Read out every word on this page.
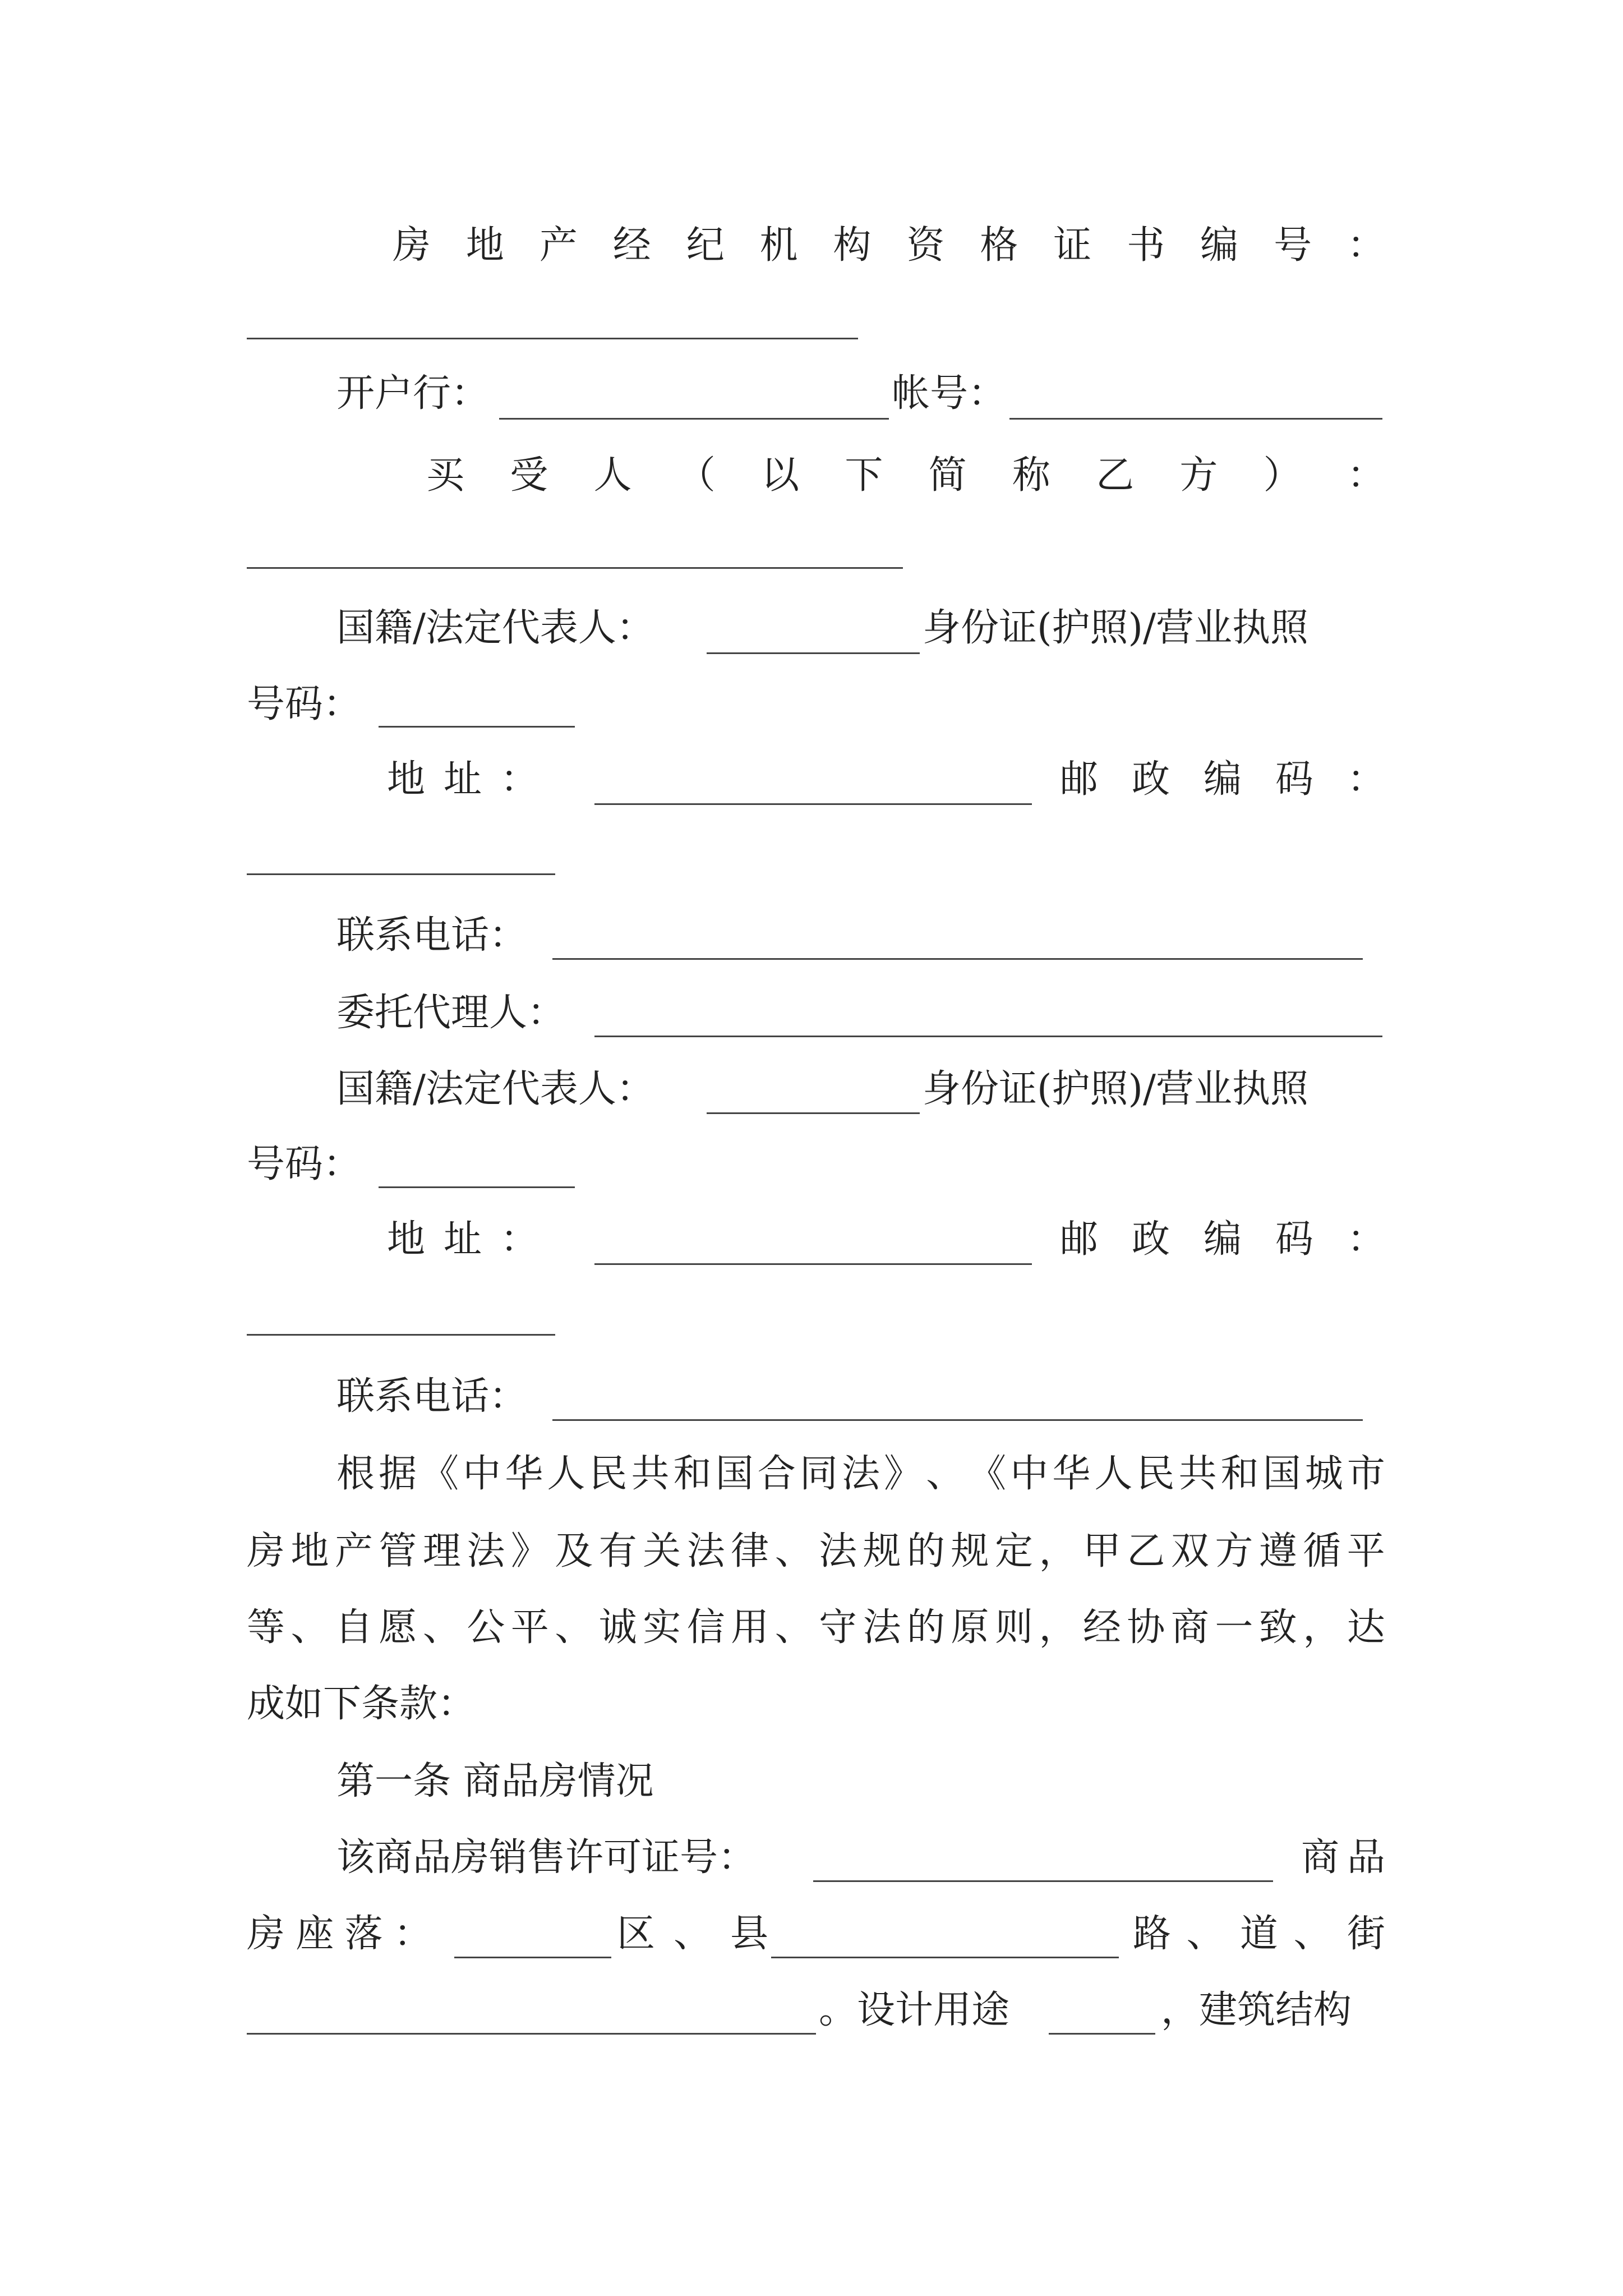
房 地 产 经 纪 机 构 资 格 证 书 编 号 ：
开户行：	帐号：
买 受 人 （ 以 下 简 称 乙 方 ） ：
国籍/法定代表人：	身份证(护照)/营业执照
号码：
地 址 ：	邮 政 编 码 ：
联系电话：
委托代理人：
国籍/法定代表人：	身份证(护照)/营业执照
号码：
地 址 ：	邮 政 编 码 ：
联系电话：
根 据 《 中 华 人 民 共 和 国 合 同 法 》 、 《 中 华 人 民 共 和 国 城 市
房 地 产 管 理 法 》 及 有 关 法 律 、 法 规 的 规 定 ， 甲 乙 双 方 遵 循 平
等 、 自 愿 、 公 平 、 诚 实 信 用 、 守 法 的 原 则 ， 经 协 商 一 致 ， 达
成如下条款：
第一条 商品房情况
该商品房销售许可证号：	商 品
房 座 落 ：	区 、 县	路 、 道 、 街
。设计用途	，建筑结构
